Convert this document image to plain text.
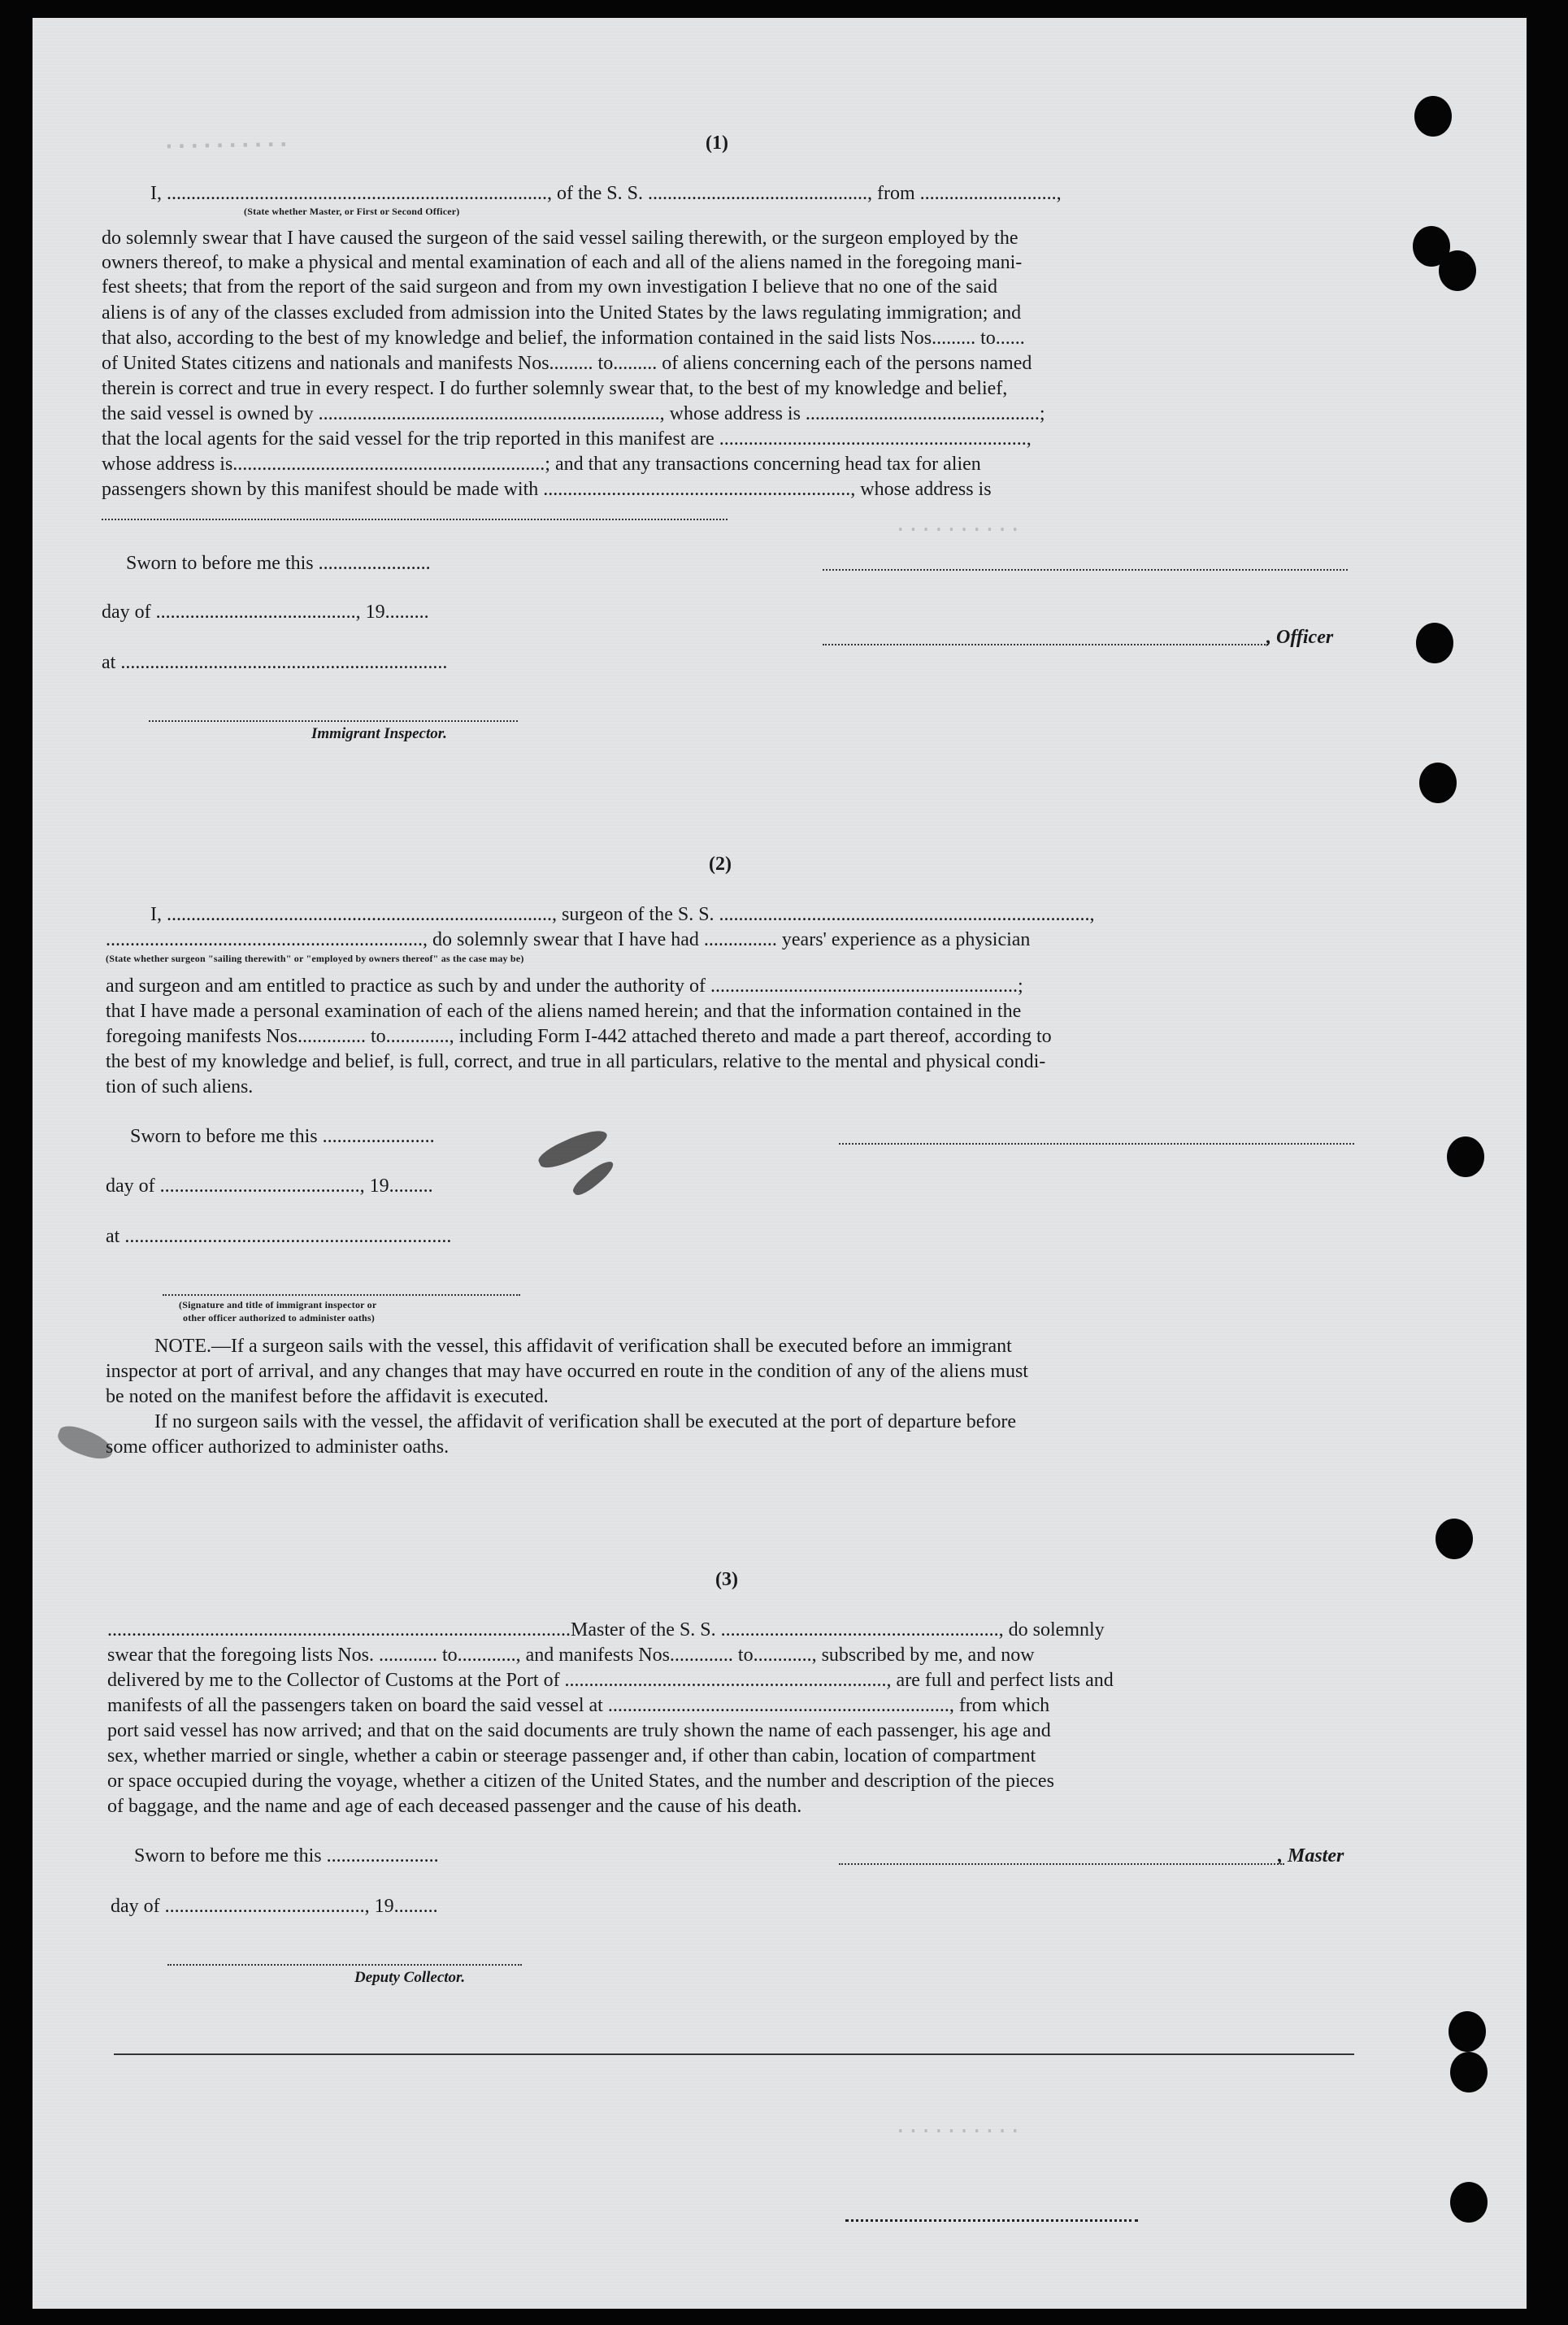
..........
..........
..........
(1)
I, .............................................................................., of the S. S. ............................................., from ............................,
(State whether Master, or First or Second Officer)
do solemnly swear that I have caused the surgeon of the said vessel sailing therewith, or the surgeon employed by the
owners thereof, to make a physical and mental examination of each and all of the aliens named in the foregoing mani-
fest sheets; that from the report of the said surgeon and from my own investigation I believe that no one of the said
aliens is of any of the classes excluded from admission into the United States by the laws regulating immigration; and
that also, according to the best of my knowledge and belief, the information contained in the said lists Nos......... to......
of United States citizens and nationals and manifests Nos......... to......... of aliens concerning each of the persons named
therein is correct and true in every respect. I do further solemnly swear that, to the best of my knowledge and belief,
the said vessel is owned by ......................................................................, whose address is ................................................;
that the local agents for the said vessel for the trip reported in this manifest are ...............................................................,
whose address is................................................................; and that any transactions concerning head tax for alien
passengers shown by this manifest should be made with ..............................................................., whose address is
Sworn to before me this .......................
day of ........................................., 19.........
at ...................................................................
, Officer
Immigrant Inspector.
(2)
I, ..............................................................................., surgeon of the S. S. ............................................................................,
................................................................., do solemnly swear that I have had ............... years' experience as a physician
(State whether surgeon "sailing therewith" or "employed by owners thereof" as the case may be)
and surgeon and am entitled to practice as such by and under the authority of ...............................................................;
that I have made a personal examination of each of the aliens named herein; and that the information contained in the
foregoing manifests Nos.............. to............., including Form I-442 attached thereto and made a part thereof, according to
the best of my knowledge and belief, is full, correct, and true in all particulars, relative to the mental and physical condi-
tion of such aliens.
Sworn to before me this .......................
day of ........................................., 19.........
at ...................................................................
(Signature and title of immigrant inspector or
other officer authorized to administer oaths)
NOTE.—If a surgeon sails with the vessel, this affidavit of verification shall be executed before an immigrant
inspector at port of arrival, and any changes that may have occurred en route in the condition of any of the aliens must
be noted on the manifest before the affidavit is executed.
If no surgeon sails with the vessel, the affidavit of verification shall be executed at the port of departure before
some officer authorized to administer oaths.
(3)
...............................................................................................Master of the S. S. ........................................................., do solemnly
swear that the foregoing lists Nos. ............ to............, and manifests Nos............. to............, subscribed by me, and now
delivered by me to the Collector of Customs at the Port of .................................................................., are full and perfect lists and
manifests of all the passengers taken on board the said vessel at ......................................................................, from which
port said vessel has now arrived; and that on the said documents are truly shown the name of each passenger, his age and
sex, whether married or single, whether a cabin or steerage passenger and, if other than cabin, location of compartment
or space occupied during the voyage, whether a citizen of the United States, and the number and description of the pieces
of baggage, and the name and age of each deceased passenger and the cause of his death.
Sworn to before me this .......................	, Master
day of ........................................., 19.........
Deputy Collector.
